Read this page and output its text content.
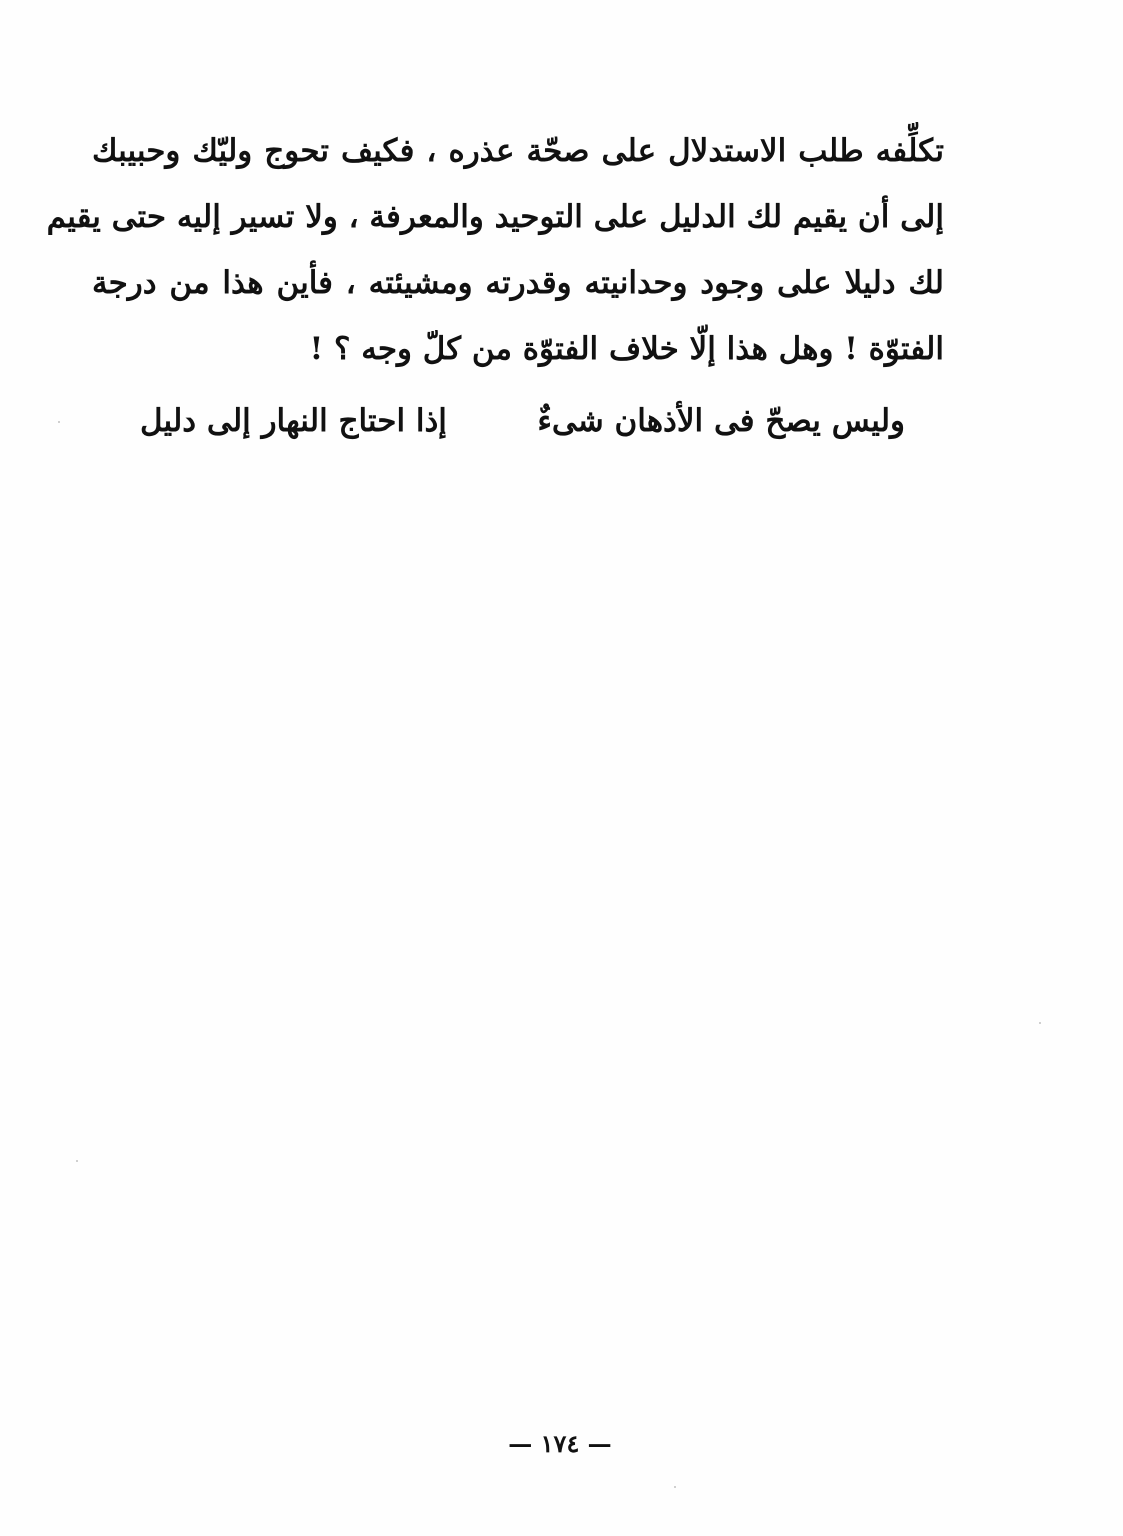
تكلِّفه طلب الاستدلال على صحّة عذره ، فكيف تحوج وليّك وحبيبك
إلى أن يقيم لك الدليل على التوحيد والمعرفة ، ولا تسير إليه حتى يقيم
لك دليلا على وجود وحدانيته وقدرته ومشيئته ، فأين هذا من درجة
الفتوّة ! وهل هذا إلّا خلاف الفتوّة من كلّ وجه ؟ !
وليس يصحّ فى الأذهان شىءٌ
إذا احتاج النهار إلى دليل
— ١٧٤ —
